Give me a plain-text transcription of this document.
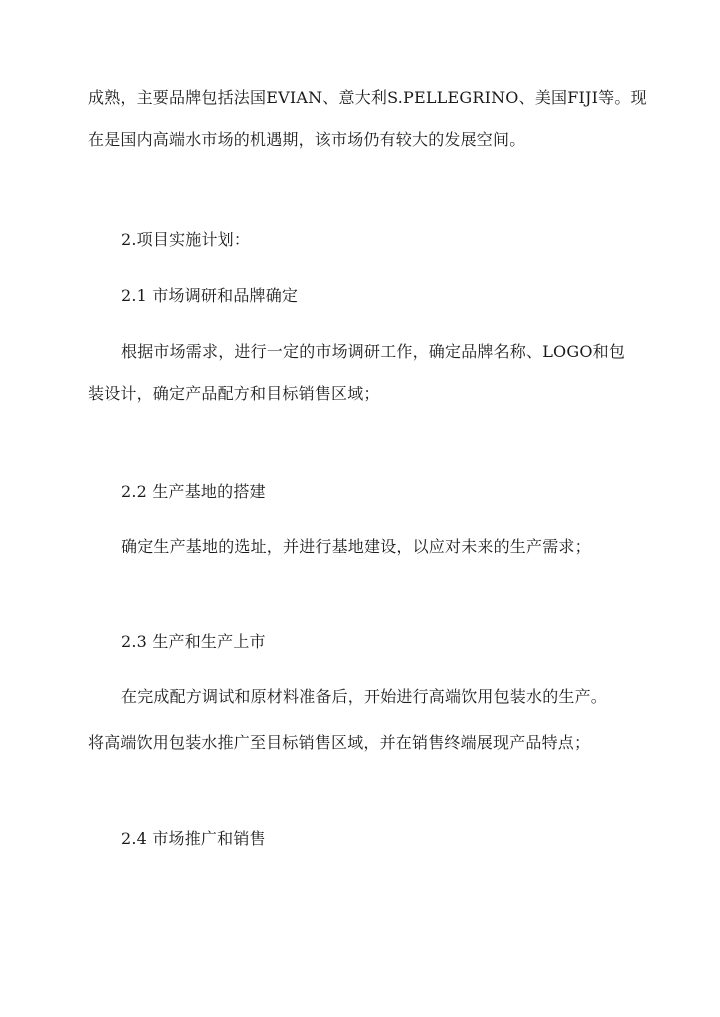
成熟，主要品牌包括法国EVIAN、意大利S.PELLEGRINO、美国FIJI等。现
在是国内高端水市场的机遇期，该市场仍有较大的发展空间。
2.项目实施计划：
2.1 市场调研和品牌确定
根据市场需求，进行一定的市场调研工作，确定品牌名称、LOGO和包
装设计，确定产品配方和目标销售区域；
2.2 生产基地的搭建
确定生产基地的选址，并进行基地建设，以应对未来的生产需求；
2.3 生产和生产上市
在完成配方调试和原材料准备后，开始进行高端饮用包装水的生产。
将高端饮用包装水推广至目标销售区域，并在销售终端展现产品特点；
2.4 市场推广和销售
